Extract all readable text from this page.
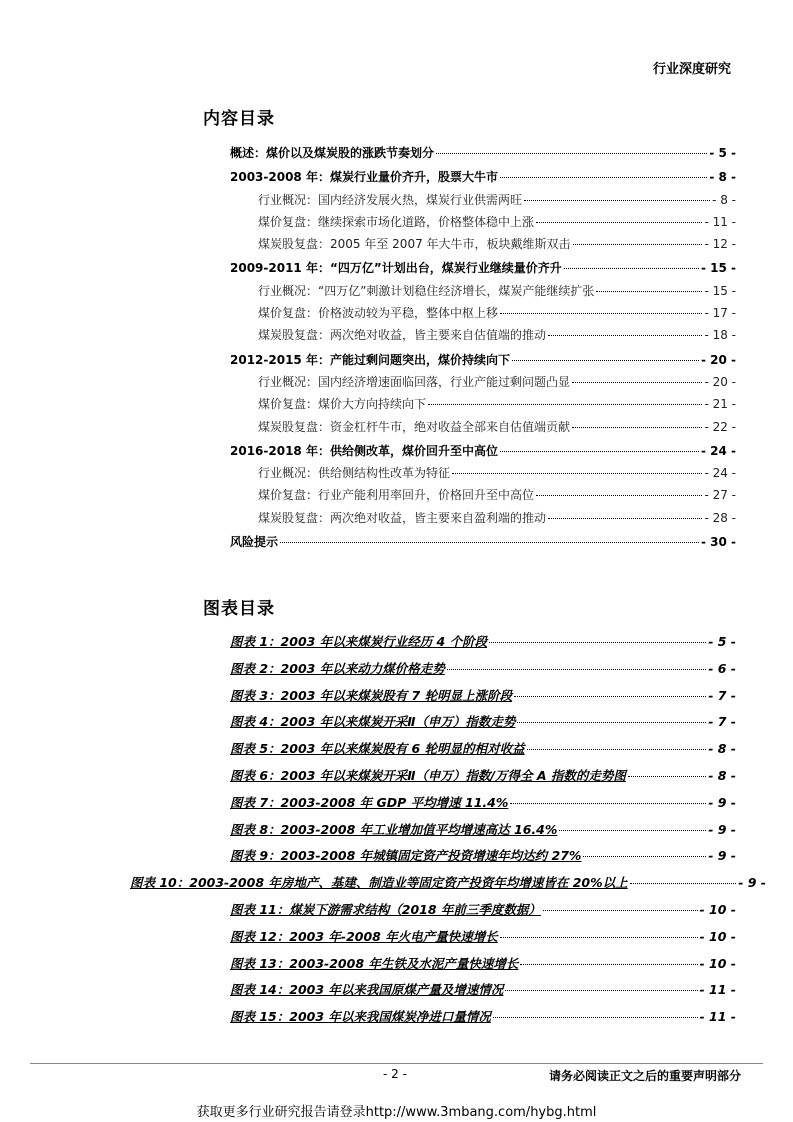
行业深度研究
内容目录
概述：煤价以及煤炭股的涨跌节奏划分	- 5 -
2003-2008 年：煤炭行业量价齐升，股票大牛市	- 8 -
行业概况：国内经济发展火热，煤炭行业供需两旺	- 8 -
煤价复盘：继续探索市场化道路，价格整体稳中上涨	- 11 -
煤炭股复盘：2005 年至 2007 年大牛市，板块戴维斯双击	- 12 -
2009-2011 年：“四万亿”计划出台，煤炭行业继续量价齐升	- 15 -
行业概况：“四万亿”刺激计划稳住经济增长，煤炭产能继续扩张	- 15 -
煤价复盘：价格波动较为平稳，整体中枢上移	- 17 -
煤炭股复盘：两次绝对收益，皆主要来自估值端的推动	- 18 -
2012-2015 年：产能过剩问题突出，煤价持续向下	- 20 -
行业概况：国内经济增速面临回落，行业产能过剩问题凸显	- 20 -
煤价复盘：煤价大方向持续向下	- 21 -
煤炭股复盘：资金杠杆牛市，绝对收益全部来自估值端贡献	- 22 -
2016-2018 年：供给侧改革，煤价回升至中高位	- 24 -
行业概况：供给侧结构性改革为特征	- 24 -
煤价复盘：行业产能利用率回升，价格回升至中高位	- 27 -
煤炭股复盘：两次绝对收益，皆主要来自盈利端的推动	- 28 -
风险提示	- 30 -
图表目录
图表 1：2003 年以来煤炭行业经历 4 个阶段	- 5 -
图表 2：2003 年以来动力煤价格走势	- 6 -
图表 3：2003 年以来煤炭股有 7 轮明显上涨阶段	- 7 -
图表 4：2003 年以来煤炭开采Ⅱ（申万）指数走势	- 7 -
图表 5：2003 年以来煤炭股有 6 轮明显的相对收益	- 8 -
图表 6：2003 年以来煤炭开采Ⅱ（申万）指数/万得全 A 指数的走势图	- 8 -
图表 7：2003-2008 年 GDP 平均增速 11.4%	- 9 -
图表 8：2003-2008 年工业增加值平均增速高达 16.4%	- 9 -
图表 9：2003-2008 年城镇固定资产投资增速年均达约 27%	- 9 -
图表 10：2003-2008 年房地产、基建、制造业等固定资产投资年均增速皆在 20%以上	- 9 -
图表 11：煤炭下游需求结构（2018 年前三季度数据）	- 10 -
图表 12：2003 年-2008 年火电产量快速增长	- 10 -
图表 13：2003-2008 年生铁及水泥产量快速增长	- 10 -
图表 14：2003 年以来我国原煤产量及增速情况	- 11 -
图表 15：2003 年以来我国煤炭净进口量情况	- 11 -
- 2 -	请务必阅读正文之后的重要声明部分
获取更多行业研究报告请登录http://www.3mbang.com/hybg.html
